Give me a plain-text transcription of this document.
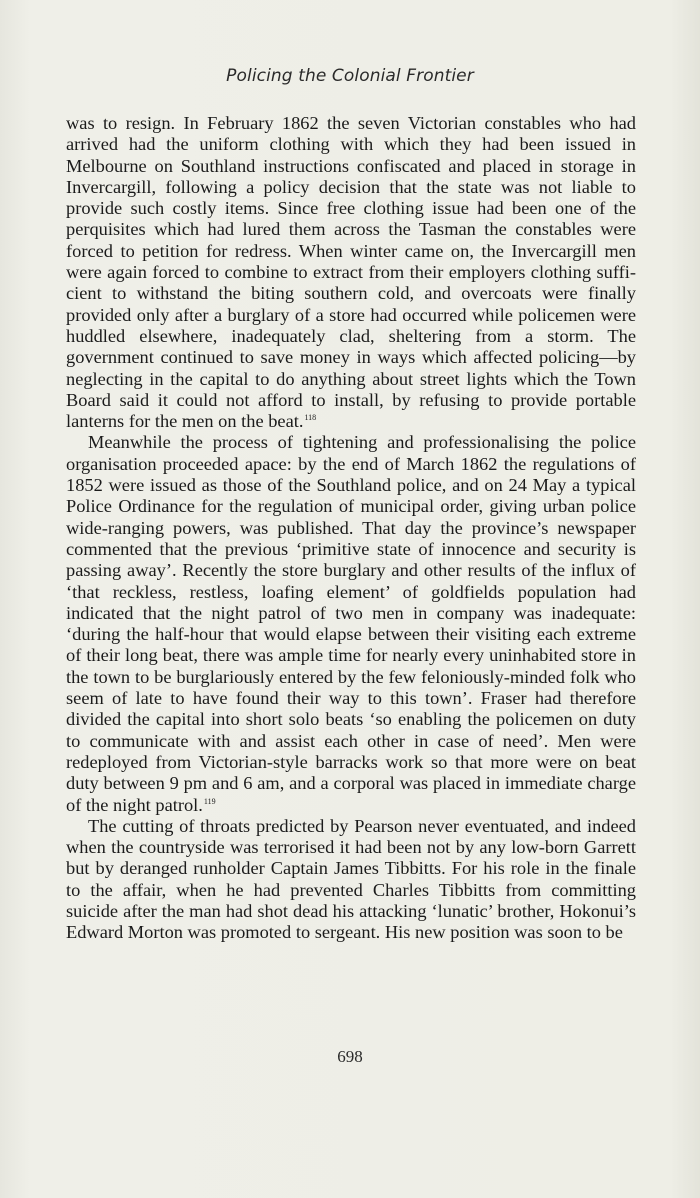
Policing the Colonial Frontier

was to resign. In February 1862 the seven Victorian constables who had arrived had the uniform clothing with which they had been issued in Melbourne on Southland instructions confiscated and placed in storage in Invercargill, following a policy decision that the state was not liable to provide such costly items. Since free clothing issue had been one of the perquisites which had lured them across the Tasman the constables were forced to petition for redress. When winter came on, the Invercargill men were again forced to combine to extract from their employers clothing sufficient to withstand the biting southern cold, and overcoats were finally provided only after a burglary of a store had occurred while policemen were huddled elsewhere, inadequately clad, sheltering from a storm. The government continued to save money in ways which affected policing—by neglecting in the capital to do anything about street lights which the Town Board said it could not afford to install, by refusing to provide portable lanterns for the men on the beat.$^{118}$

Meanwhile the process of tightening and professionalising the police organisation proceeded apace: by the end of March 1862 the regulations of 1852 were issued as those of the Southland police, and on 24 May a typical Police Ordinance for the regulation of municipal order, giving urban police wide-ranging powers, was published. That day the province’s newspaper commented that the previous ‘primitive state of innocence and security is passing away’. Recently the store burglary and other results of the influx of ‘that reckless, restless, loafing element’ of goldfields population had indicated that the night patrol of two men in company was inadequate: ‘during the half-hour that would elapse between their visiting each extreme of their long beat, there was ample time for nearly every uninhabited store in the town to be burglariously entered by the few feloniously-minded folk who seem of late to have found their way to this town’. Fraser had therefore divided the capital into short solo beats ‘so enabling the policemen on duty to communicate with and assist each other in case of need’. Men were redeployed from Victorian-style barracks work so that more were on beat duty between 9 pm and 6 am, and a corporal was placed in immediate charge of the night patrol.$^{119}$

The cutting of throats predicted by Pearson never eventuated, and indeed when the countryside was terrorised it had been not by any low-born Garrett but by deranged runholder Captain James Tibbitts. For his role in the finale to the affair, when he had prevented Charles Tibbitts from committing suicide after the man had shot dead his attacking ‘lunatic’ brother, Hokonui’s Edward Morton was promoted to sergeant. His new position was soon to be

698
